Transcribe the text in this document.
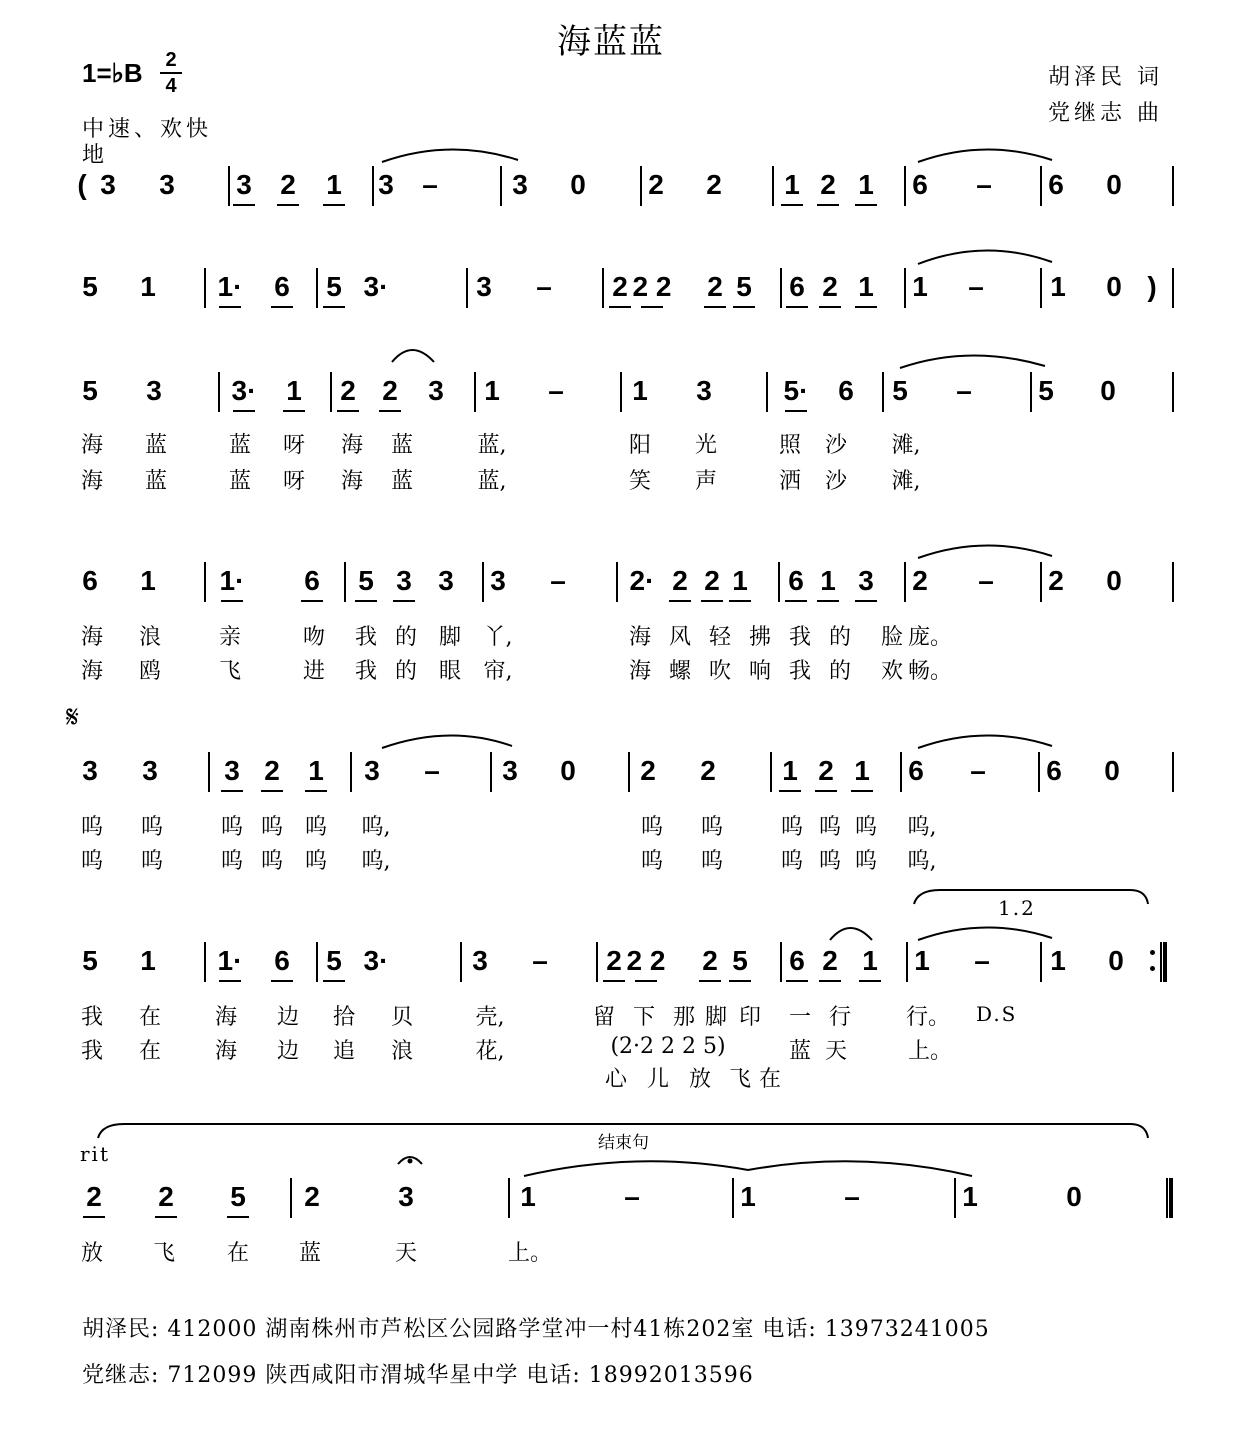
海蓝蓝
1=♭B 2
4
中速、欢快
地
胡泽民 词
党继志 曲
( 3 3 3 2 1 3 –	3 0 2 2 1 2 1 6 – 6 0
5 1 1· 6 5 3·	3 – 2 2 2 2 5 6 2 1 1 – 1 0 )
5 3 3· 1 2 2 3 1 – 1 3	5· 6 5 – 5 0
6 1 1· 6 5 3 3 3 – 2· 2 2 1 6 1 3 2 – 2 0
3 3 3 2 1 3 – 3 0 2 2 1 2 1 6 – 6 0
5 1 1· 6 5 3·	3 – 2 2 2 2 5 6 2 1 1 – 1 0
2 2 5 2	3	1	–	1	–	1	0
𝄋
1.2
D.S
rit	结束句
海 蓝	蓝 呀 海 蓝	蓝,	阳 光	照 沙 滩,
海 蓝	蓝 呀 海 蓝	蓝,	笑 声	洒 沙 滩,
海 浪	亲	吻 我 的 脚 丫,	海 风 轻 拂 我 的 脸 庞。
海 鸥	飞	进 我 的 眼 帘,	海 螺 吹 响 我 的 欢 畅。
呜 呜	呜 呜 呜 呜,	呜 呜	呜 呜 呜 呜,
呜 呜	呜 呜 呜 呜,	呜 呜	呜 呜 呜 呜,
我 在 海 边 拾 贝	壳,	留 下 那 脚 印 一 行 行。
我 在 海 边 追 浪	花,	(2·2 2 2 5)	蓝 天	上。
心 儿 放 飞 在
放 飞 在 蓝	天	上。
胡泽民: 412000 湖南株州市芦松区公园路学堂冲一村41栋202室 电话: 13973241005
党继志: 712099 陕西咸阳市渭城华星中学 电话: 18992013596
